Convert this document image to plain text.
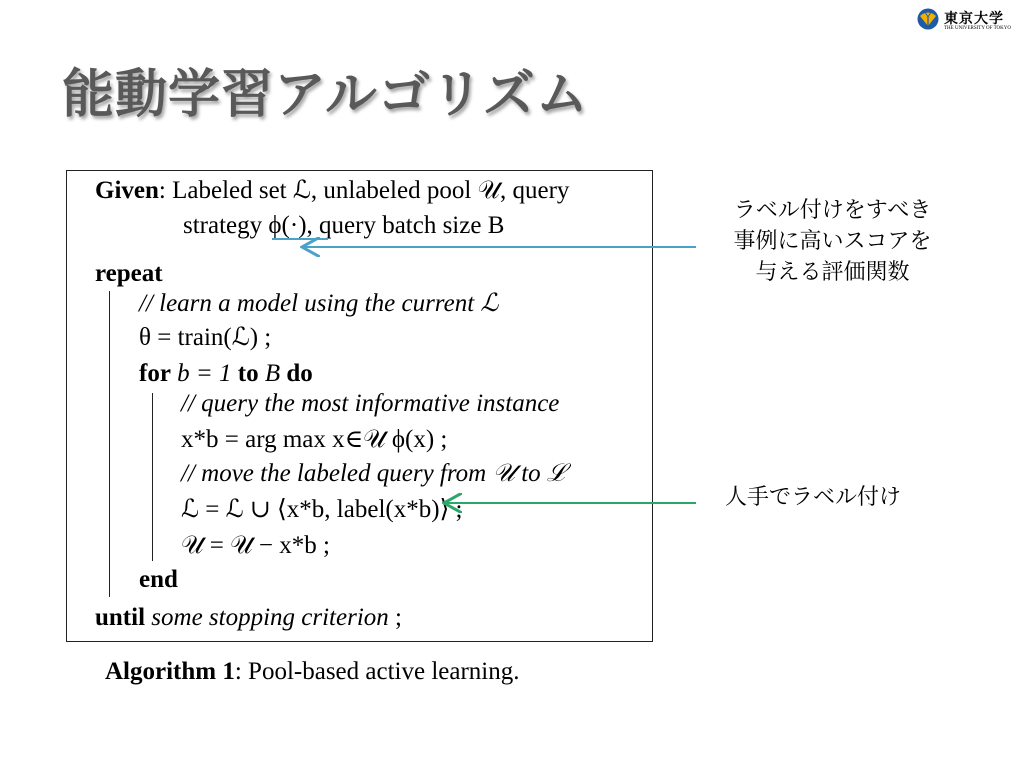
東京大学
THE UNIVERSITY OF TOKYO
能動学習アルゴリズム
Given: Labeled set ℒ, unlabeled pool 𝒰, query
strategy ϕ(·), query batch size B
repeat
// learn a model using the current ℒ
θ = train(ℒ) ;
for b = 1 to B do
// query the most informative instance
x*b = arg max x∈𝒰 ϕ(x) ;
// move the labeled query from 𝒰 to ℒ
ℒ = ℒ ∪ ⟨x*b, label(x*b)⟩ ;
𝒰 = 𝒰 − x*b ;
end
until some stopping criterion ;
Algorithm 1: Pool-based active learning.
ラベル付けをすべき
事例に高いスコアを
与える評価関数
人手でラベル付け
